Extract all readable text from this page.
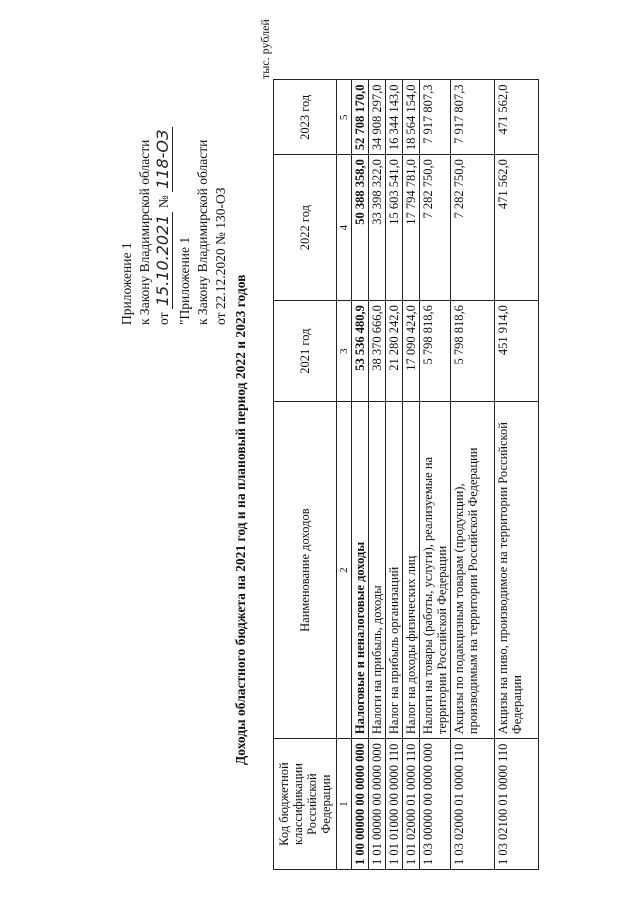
Приложение 1 к Закону Владимирской области от 15.10.2021 № 118-ОЗ
"Приложение 1 к Закону Владимирской области от 22.12.2020 № 130-ОЗ
Доходы областного бюджета на 2021 год и на плановый период 2022 и 2023 годов
тыс. рублей
Код бюджетной классификации Российской Федерации	Наименование доходов	2021 год	2022 год	2023 год
1	2	3	4	5
1 00 00000 00 0000 000	Налоговые и неналоговые доходы	53 536 480,9	50 388 358,0	52 708 170,0
1 01 00000 00 0000 000	Налоги на прибыль, доходы	38 370 666,0	33 398 322,0	34 908 297,0
1 01 01000 00 0000 110	Налог на прибыль организаций	21 280 242,0	15 603 541,0	16 344 143,0
1 01 02000 01 0000 110	Налог на доходы физических лиц	17 090 424,0	17 794 781,0	18 564 154,0
1 03 00000 00 0000 000	Налоги на товары (работы, услуги), реализуемые на территории Российской Федерации	5 798 818,6	7 282 750,0	7 917 807,3
1 03 02000 01 0000 110	Акцизы по подакцизным товарам (продукции), производимым на территории Российской Федерации	5 798 818,6	7 282 750,0	7 917 807,3
1 03 02100 01 0000 110	Акцизы на пиво, производимое на территории Российской Федерации	451 914,0	471 562,0	471 562,0
